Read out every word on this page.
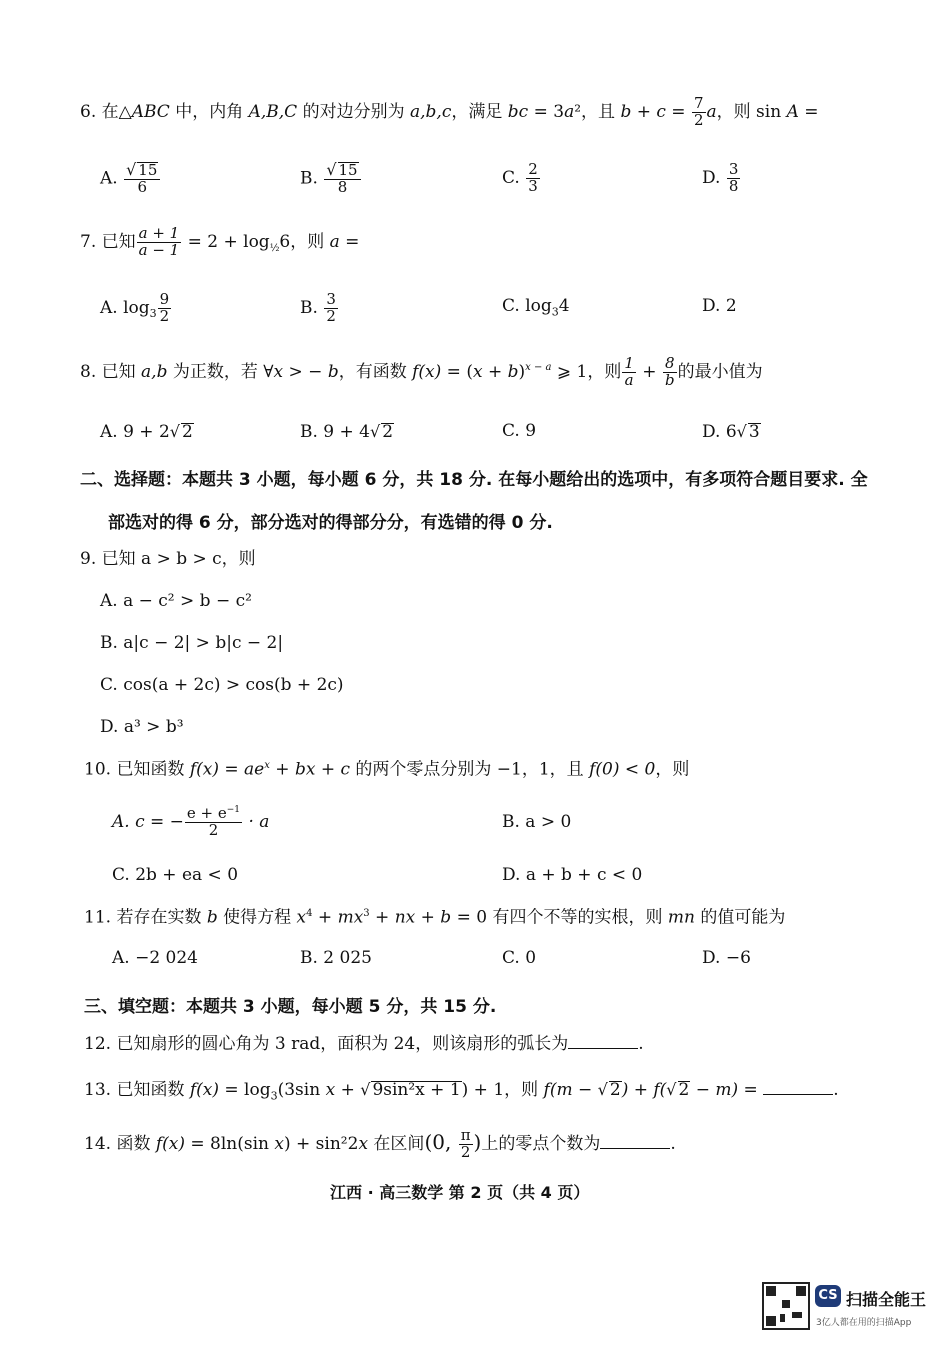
6. 在△ABC 中，内角 A,B,C 的对边分别为 a,b,c，满足 bc = 3a²，且 $b + c = \frac{7}{2}$ a，则 sin A =
A. $\frac{√ 15}{6}$	B. $\frac{√ 15}{8}$	C. $\frac{2}{3}$	D. $\frac{3}{8}$
7. 已知 $\frac{a + 1}{a - 1} = 2 + \log_{\frac{1}{2}}6$，则 a =
A. $\log_3 \frac{9}{2}$	B. $\frac{3}{2}$	C. $\log_34$	D. 2
8. 已知 a,b 为正数，若 ∀x > − b，有函数 $f(x) = (x + b)^{x - a}$ ⩾ 1，则 $\frac{1}{a} + \frac{8}{b}$ 的最小值为
A. 9 + 2√ 2	B. 9 + 4√ 2	C. 9	D. 6√ 3
二、选择题：本题共 3 小题，每小题 6 分，共 18 分. 在每小题给出的选项中，有多项符合题目要求. 全
部选对的得 6 分，部分选对的得部分分，有选错的得 0 分.
9. 已知 a > b > c，则
A. a − c² > b − c²
B. a|c − 2| > b|c − 2|
C. cos(a + 2c) > cos(b + 2c)
D. a³ > b³
10. 已知函数 $f(x) = ae^x$ + bx + c 的两个零点分别为 −1，1，且 f(0) < 0，则
A. c = − $\frac{e + e^{-1}}{2} \cdot a$	B. a > 0
C. 2b + ea < 0	D. a + b + c < 0
11. 若存在实数 b 使得方程 $x^4 + mx^3$ + nx + b = 0 有四个不等的实根，则 mn 的值可能为
A. −2 024	B. 2 025	C. 0	D. −6
三、填空题：本题共 3 小题，每小题 5 分，共 15 分.
12. 已知扇形的圆心角为 3 rad，面积为 24，则该扇形的弧长为	.
13. 已知函数 $f(x) = \log_3(3\sin$ x + √ 9sin²x + 1) + 1，则 f(m − √ 2) + f(√ 2 − m) =	.
14. 函数 f(x) = 8ln(sin x) + sin²2x 在区间(0, $\frac{\pi}{2}$ )上的零点个数为	.
江西 · 高三数学 第 2 页（共 4 页）
CS 扫描全能王
3亿人都在用的扫描App
